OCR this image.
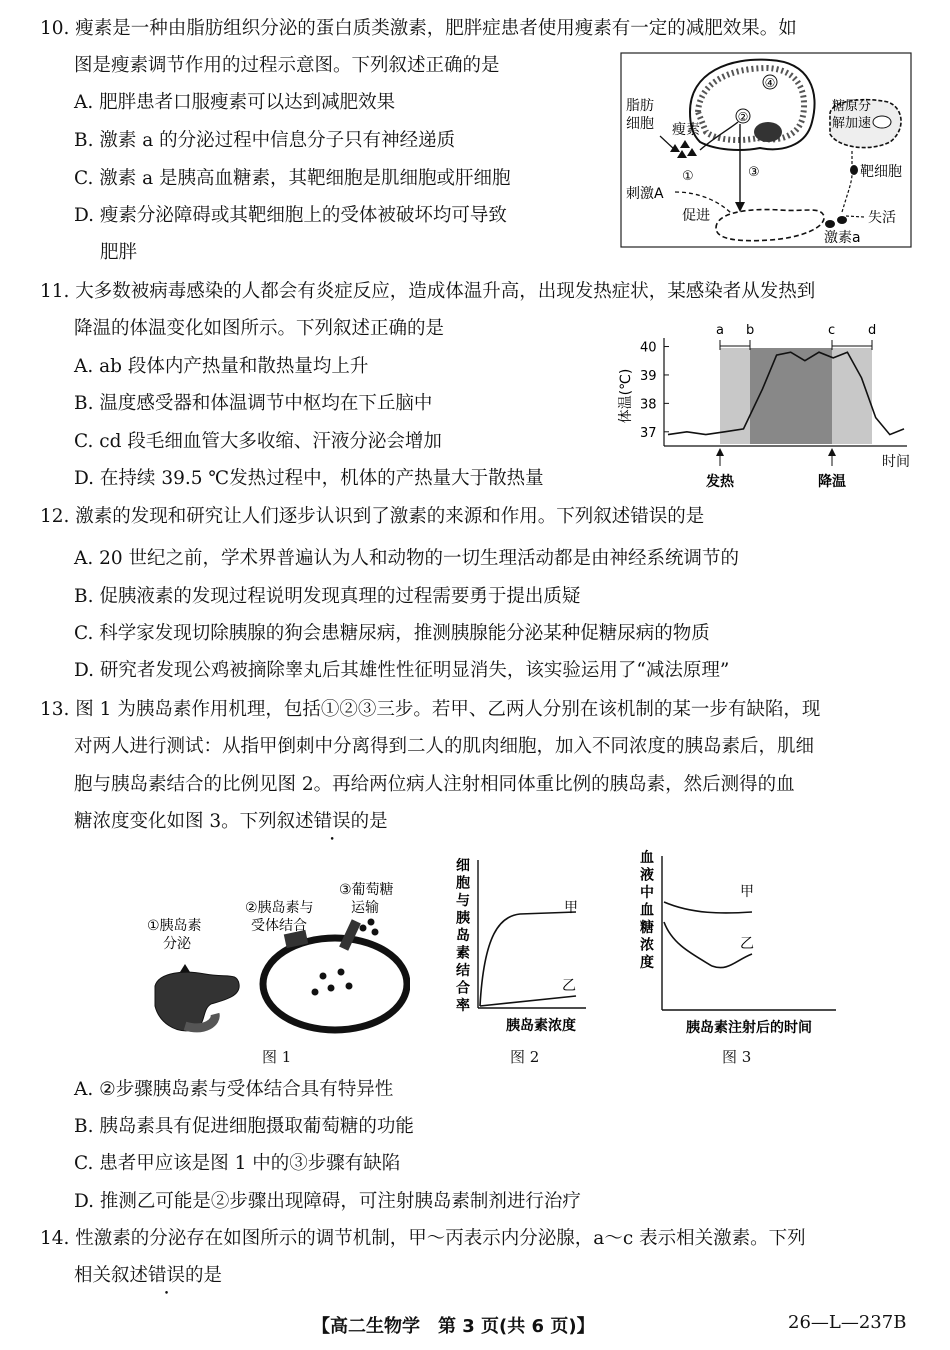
10. 瘦素是一种由脂肪组织分泌的蛋白质类激素，肥胖症患者使用瘦素有一定的减肥效果。如
图是瘦素调节作用的过程示意图。下列叙述正确的是
A. 肥胖患者口服瘦素可以达到减肥效果
B. 激素 a 的分泌过程中信息分子只有神经递质
C. 激素 a 是胰高血糖素，其靶细胞是肌细胞或肝细胞
D. 瘦素分泌障碍或其靶细胞上的受体被破坏均可导致
肥胖
②
④
脂肪
细胞 瘦素
①
刺激A
促进
③
激素a
失活
靶细胞
糖原分
解加速
11. 大多数被病毒感染的人都会有炎症反应，造成体温升高，出现发热症状，某感染者从发热到
降温的体温变化如图所示。下列叙述正确的是
A. ab 段体内产热量和散热量均上升
B. 温度感受器和体温调节中枢均在下丘脑中
C. cd 段毛细血管大多收缩、汗液分泌会增加
D. 在持续 39.5 ℃发热过程中，机体的产热量大于散热量
37
38
39
40
体温(℃)
时间
a b	c	d
发热	降温
12. 激素的发现和研究让人们逐步认识到了激素的来源和作用。下列叙述错误的是
A. 20 世纪之前，学术界普遍认为人和动物的一切生理活动都是由神经系统调节的
B. 促胰液素的发现过程说明发现真理的过程需要勇于提出质疑
C. 科学家发现切除胰腺的狗会患糖尿病，推测胰腺能分泌某种促糖尿病的物质
D. 研究者发现公鸡被摘除睾丸后其雄性性征明显消失，该实验运用了“减法原理”
13. 图 1 为胰岛素作用机理，包括①②③三步。若甲、乙两人分别在该机制的某一步有缺陷，现
对两人进行测试：从指甲倒刺中分离得到二人的肌肉细胞，加入不同浓度的胰岛素后，肌细
胞与胰岛素结合的比例见图 2。再给两位病人注射相同体重比例的胰岛素，然后测得的血
糖浓度变化如图 3。下列叙述错误的是
①胰岛素
分泌
②胰岛素与
受体结合
③葡萄糖
运输
图 1
细
胞
与
胰
岛
素
结
合
率
甲
乙
胰岛素浓度
图 2
血
液
中
血
糖
浓
度
甲
乙
胰岛素注射后的时间
图 3
A. ②步骤胰岛素与受体结合具有特异性
B. 胰岛素具有促进细胞摄取葡萄糖的功能
C. 患者甲应该是图 1 中的③步骤有缺陷
D. 推测乙可能是②步骤出现障碍，可注射胰岛素制剂进行治疗
14. 性激素的分泌存在如图所示的调节机制，甲～丙表示内分泌腺，a～c 表示相关激素。下列
相关叙述错误的是
【高二生物学　第 3 页(共 6 页)】	26—L—237B
